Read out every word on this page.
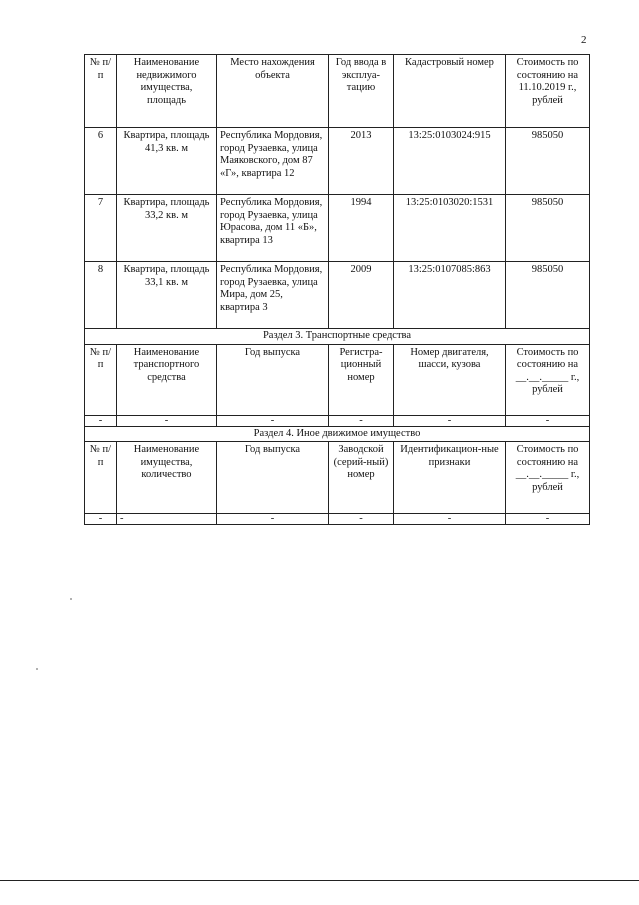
2
№ п/п	Наименование недвижимого имущества, площадь	Место нахождения объекта	Год ввода в эксплуа-тацию	Кадастровый номер	Стоимость по состоянию на 11.10.2019 г., рублей
6	Квартира, площадь 41,3 кв. м	Республика Мордовия, город Рузаевка, улица Маяковского, дом 87 «Г», квартира 12	2013	13:25:0103024:915	985050
7	Квартира, площадь 33,2 кв. м	Республика Мордовия, город Рузаевка, улица Юрасова, дом 11 «Б», квартира 13	1994	13:25:0103020:1531	985050
8	Квартира, площадь 33,1 кв. м	Республика Мордовия, город Рузаевка, улица Мира, дом 25, квартира 3	2009	13:25:0107085:863	985050
Раздел 3. Транспортные средства					
№ п/п	Наименование транспортного средства	Год выпуска	Регистра-ционный номер	Номер двигателя, шасси, кузова	Стоимость по состоянию на __.__._____ г., рублей
-	-	-	-	-	-
Раздел 4. Иное движимое имущество					
№ п/п	Наименование имущества, количество	Год выпуска	Заводской (серий-ный) номер	Идентификацион-ные признаки	Стоимость по состоянию на __.__._____ г., рублей
-	-	-	-	-	-
